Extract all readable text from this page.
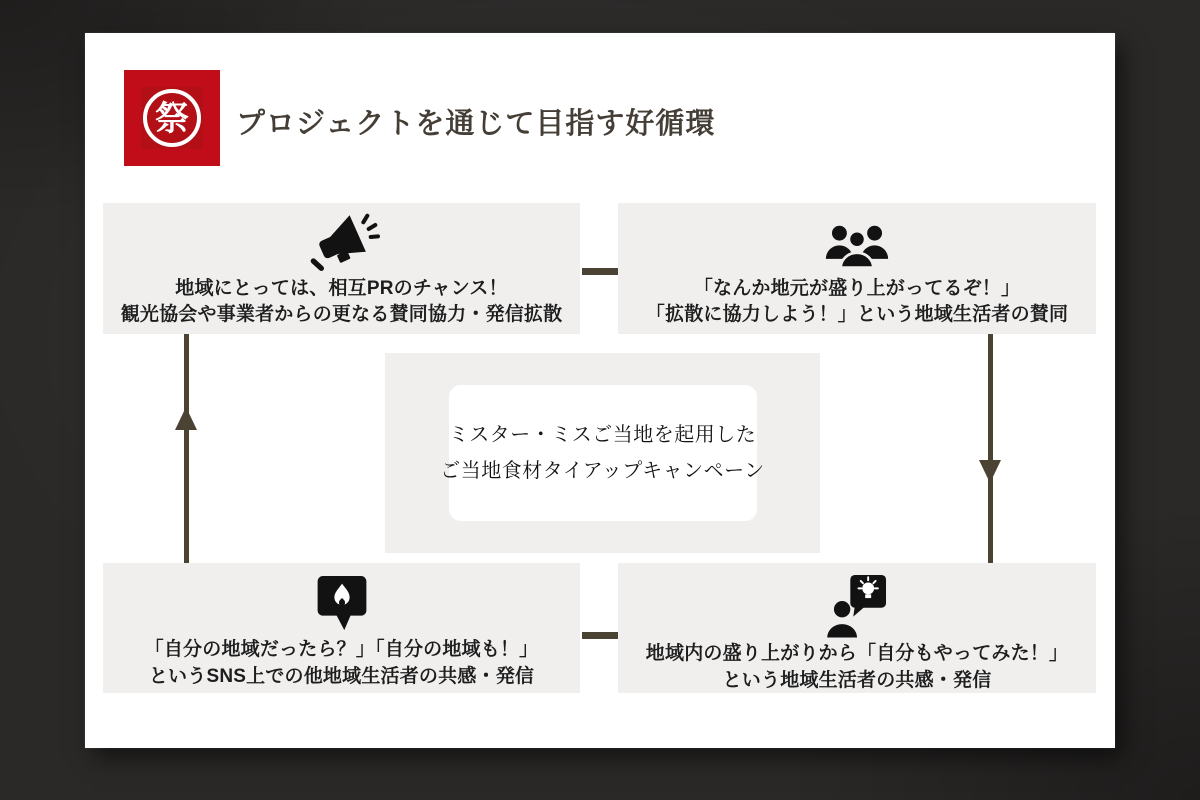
祭 プロジェクトを通じて目指す好循環
地域にとっては、相互PRのチャンス！
観光協会や事業者からの更なる賛同協力・発信拡散
「なんか地元が盛り上がってるぞ！」
「拡散に協力しよう！」という地域生活者の賛同
「自分の地域だったら？」「自分の地域も！」
というSNS上での他地域生活者の共感・発信
地域内の盛り上がりから「自分もやってみた！」
という地域生活者の共感・発信
ミスター・ミスご当地を起用した
ご当地食材タイアップキャンペーン
